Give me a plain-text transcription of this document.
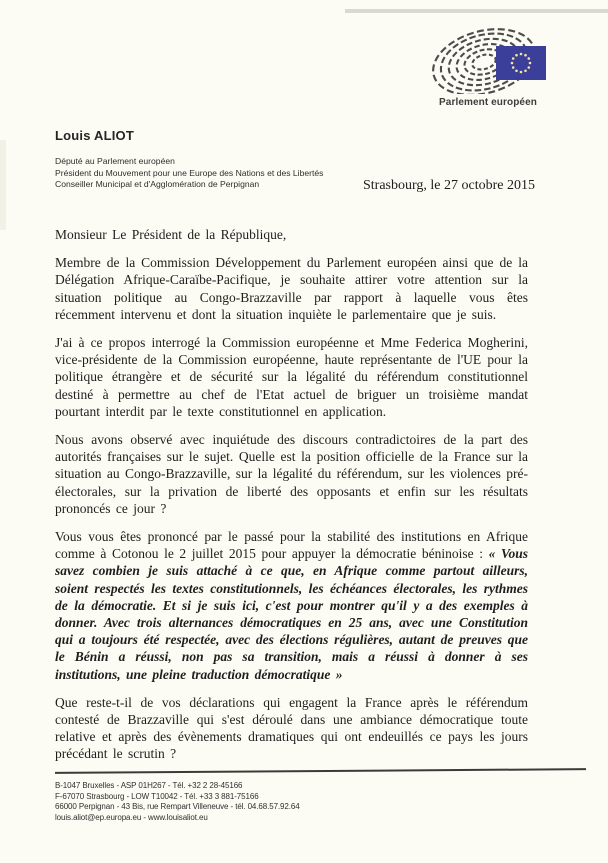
Louis ALIOT
Député au Parlement européen
Président du Mouvement pour une Europe des Nations et des Libertés
Conseiller Municipal et d'Agglomération de Perpignan
Parlement européen
Strasbourg, le 27 octobre 2015

Monsieur Le Président de la République,

Membre de la Commission Développement du Parlement européen ainsi que de la Délégation Afrique-Caraïbe-Pacifique, je souhaite attirer votre attention sur la situation politique au Congo-Brazzaville par rapport à laquelle vous êtes récemment intervenu et dont la situation inquiète le parlementaire que je suis.

J'ai à ce propos interrogé la Commission européenne et Mme Federica Mogherini, vice-présidente de la Commission européenne, haute représentante de l'UE pour la politique étrangère et de sécurité sur la légalité du référendum constitutionnel destiné à permettre au chef de l'Etat actuel de briguer un troisième mandat pourtant interdit par le texte constitutionnel en application.

Nous avons observé avec inquiétude des discours contradictoires de la part des autorités françaises sur le sujet. Quelle est la position officielle de la France sur la situation au Congo-Brazzaville, sur la légalité du référendum, sur les violences pré-électorales, sur la privation de liberté des opposants et enfin sur les résultats prononcés ce jour ?

Vous vous êtes prononcé par le passé pour la stabilité des institutions en Afrique comme à Cotonou le 2 juillet 2015 pour appuyer la démocratie béninoise : « Vous savez combien je suis attaché à ce que, en Afrique comme partout ailleurs, soient respectés les textes constitutionnels, les échéances électorales, les rythmes de la démocratie. Et si je suis ici, c'est pour montrer qu'il y a des exemples à donner. Avec trois alternances démocratiques en 25 ans, avec une Constitution qui a toujours été respectée, avec des élections régulières, autant de preuves que le Bénin a réussi, non pas sa transition, mais a réussi à donner à ses institutions, une pleine traduction démocratique »

Que reste-t-il de vos déclarations qui engagent la France après le référendum contesté de Brazzaville qui s'est déroulé dans une ambiance démocratique toute relative et après des évènements dramatiques qui ont endeuillés ce pays les jours précédant le scrutin ?

B-1047 Bruxelles - ASP 01H267 - Tél. +32 2 28-45166
F-67070 Strasbourg - LOW T10042 - Tél. +33 3 881-75166
66000 Perpignan - 43 Bis, rue Rempart Villeneuve - tél. 04.68.57.92.64
louis.aliot@ep.europa.eu - www.louisaliot.eu
